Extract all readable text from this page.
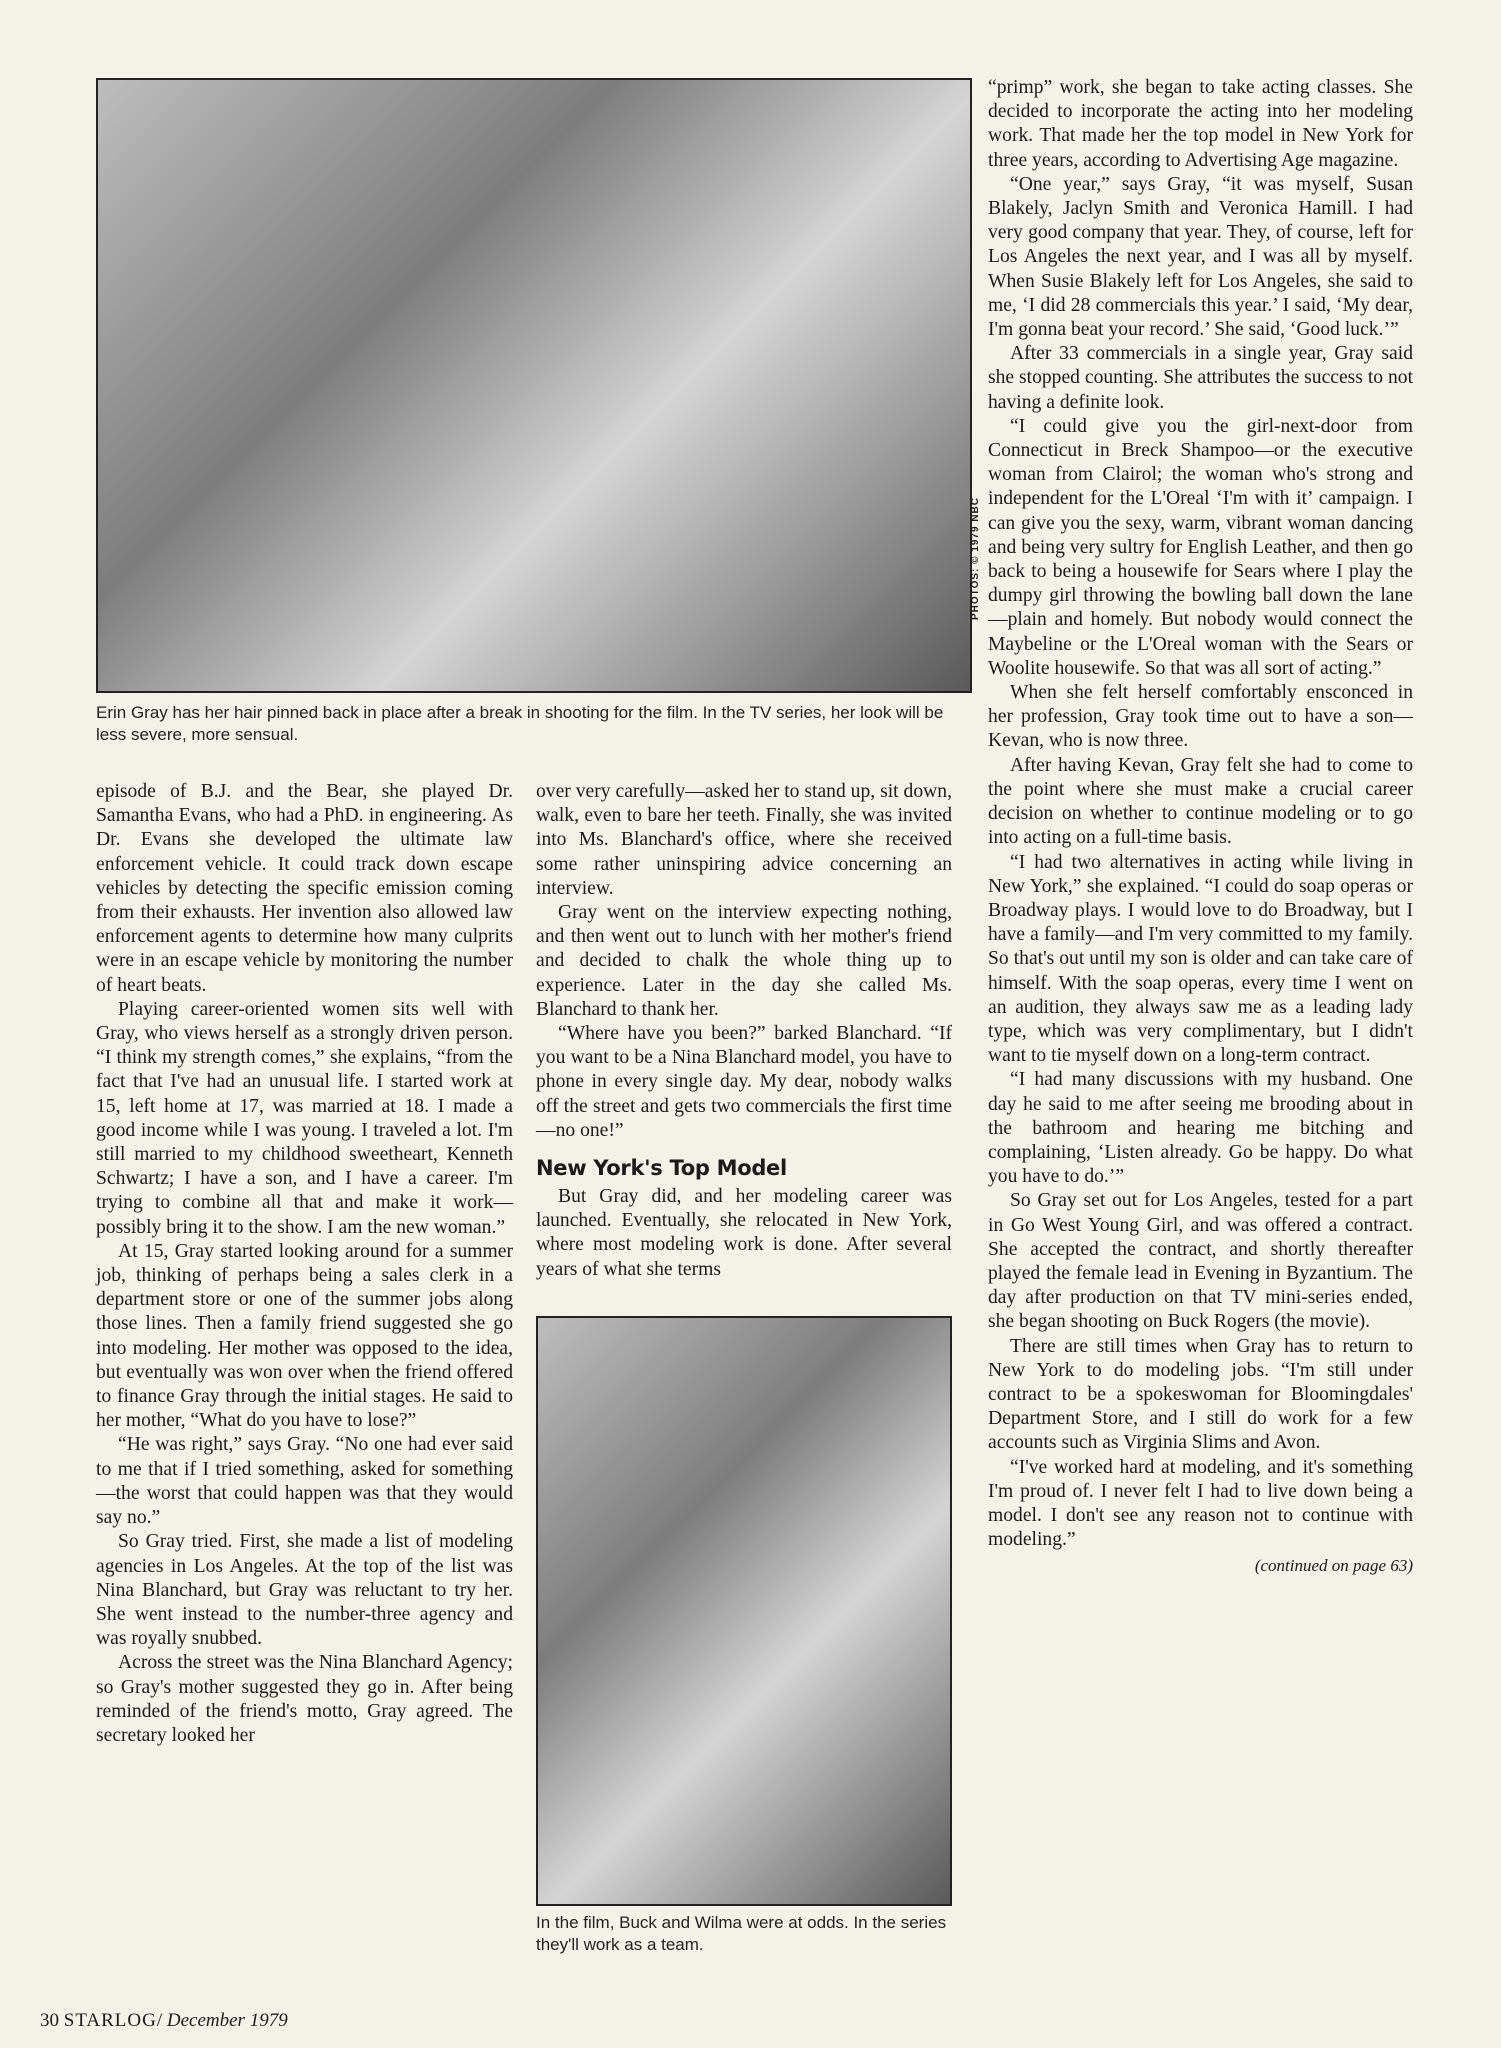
PHOTOS: © 1979 NBC

Erin Gray has her hair pinned back in place after a break in shooting for the film. In the TV series, her look will be less severe, more sensual.

episode of B.J. and the Bear, she played Dr. Samantha Evans, who had a PhD. in engineering. As Dr. Evans she developed the ultimate law enforcement vehicle. It could track down escape vehicles by detecting the specific emission coming from their exhausts. Her invention also allowed law enforcement agents to determine how many culprits were in an escape vehicle by monitoring the number of heart beats.

Playing career-oriented women sits well with Gray, who views herself as a strongly driven person. “I think my strength comes,” she explains, “from the fact that I've had an unusual life. I started work at 15, left home at 17, was married at 18. I made a good income while I was young. I traveled a lot. I'm still married to my childhood sweetheart, Kenneth Schwartz; I have a son, and I have a career. I'm trying to combine all that and make it work—possibly bring it to the show. I am the new woman.”

At 15, Gray started looking around for a summer job, thinking of perhaps being a sales clerk in a department store or one of the summer jobs along those lines. Then a family friend suggested she go into modeling. Her mother was opposed to the idea, but eventually was won over when the friend offered to finance Gray through the initial stages. He said to her mother, “What do you have to lose?”

“He was right,” says Gray. “No one had ever said to me that if I tried something, asked for something—the worst that could happen was that they would say no.”

So Gray tried. First, she made a list of modeling agencies in Los Angeles. At the top of the list was Nina Blanchard, but Gray was reluctant to try her. She went instead to the number-three agency and was royally snubbed.

Across the street was the Nina Blanchard Agency; so Gray's mother suggested they go in. After being reminded of the friend's motto, Gray agreed. The secretary looked her

over very carefully—asked her to stand up, sit down, walk, even to bare her teeth. Finally, she was invited into Ms. Blanchard's office, where she received some rather uninspiring advice concerning an interview.

Gray went on the interview expecting nothing, and then went out to lunch with her mother's friend and decided to chalk the whole thing up to experience. Later in the day she called Ms. Blanchard to thank her.

“Where have you been?” barked Blanchard. “If you want to be a Nina Blanchard model, you have to phone in every single day. My dear, nobody walks off the street and gets two commercials the first time—no one!”

New York's Top Model

But Gray did, and her modeling career was launched. Eventually, she relocated in New York, where most modeling work is done. After several years of what she terms

In the film, Buck and Wilma were at odds. In the series they'll work as a team.

“primp” work, she began to take acting classes. She decided to incorporate the acting into her modeling work. That made her the top model in New York for three years, according to Advertising Age magazine.

“One year,” says Gray, “it was myself, Susan Blakely, Jaclyn Smith and Veronica Hamill. I had very good company that year. They, of course, left for Los Angeles the next year, and I was all by myself. When Susie Blakely left for Los Angeles, she said to me, ‘I did 28 commercials this year.’ I said, ‘My dear, I'm gonna beat your record.’ She said, ‘Good luck.’”

After 33 commercials in a single year, Gray said she stopped counting. She attributes the success to not having a definite look.

“I could give you the girl-next-door from Connecticut in Breck Shampoo—or the executive woman from Clairol; the woman who's strong and independent for the L'Oreal ‘I'm with it’ campaign. I can give you the sexy, warm, vibrant woman dancing and being very sultry for English Leather, and then go back to being a housewife for Sears where I play the dumpy girl throwing the bowling ball down the lane—plain and homely. But nobody would connect the Maybeline or the L'Oreal woman with the Sears or Woolite housewife. So that was all sort of acting.”

When she felt herself comfortably ensconced in her profession, Gray took time out to have a son—Kevan, who is now three.

After having Kevan, Gray felt she had to come to the point where she must make a crucial career decision on whether to continue modeling or to go into acting on a full-time basis.

“I had two alternatives in acting while living in New York,” she explained. “I could do soap operas or Broadway plays. I would love to do Broadway, but I have a family—and I'm very committed to my family. So that's out until my son is older and can take care of himself. With the soap operas, every time I went on an audition, they always saw me as a leading lady type, which was very complimentary, but I didn't want to tie myself down on a long-term contract.

“I had many discussions with my husband. One day he said to me after seeing me brooding about in the bathroom and hearing me bitching and complaining, ‘Listen already. Go be happy. Do what you have to do.’”

So Gray set out for Los Angeles, tested for a part in Go West Young Girl, and was offered a contract. She accepted the contract, and shortly thereafter played the female lead in Evening in Byzantium. The day after production on that TV mini-series ended, she began shooting on Buck Rogers (the movie).

There are still times when Gray has to return to New York to do modeling jobs. “I'm still under contract to be a spokeswoman for Bloomingdales' Department Store, and I still do work for a few accounts such as Virginia Slims and Avon.

“I've worked hard at modeling, and it's something I'm proud of. I never felt I had to live down being a model. I don't see any reason not to continue with modeling.”

(continued on page 63)
30 STARLOG/ December 1979
